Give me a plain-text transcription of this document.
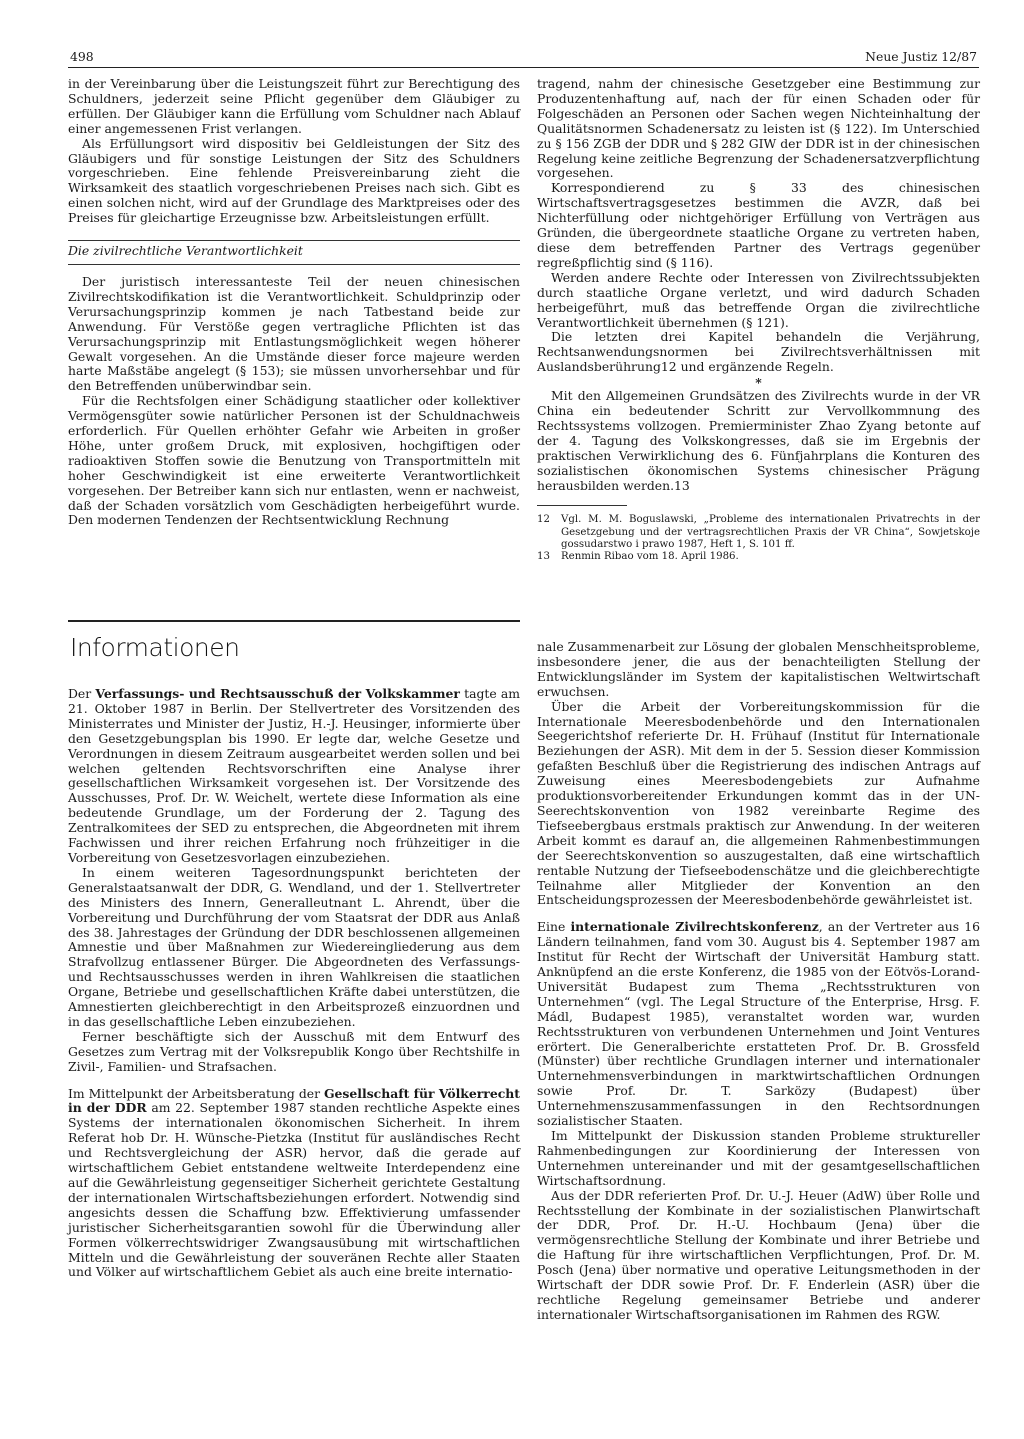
498	Neue Justiz 12/87

in der Vereinbarung über die Leistungszeit führt zur Berechtigung des Schuldners, jederzeit seine Pflicht gegenüber dem Gläubiger zu erfüllen. Der Gläubiger kann die Erfüllung vom Schuldner nach Ablauf einer angemessenen Frist verlangen.

Als Erfüllungsort wird dispositiv bei Geldleistungen der Sitz des Gläubigers und für sonstige Leistungen der Sitz des Schuldners vorgeschrieben. Eine fehlende Preisvereinbarung zieht die Wirksamkeit des staatlich vorgeschriebenen Preises nach sich. Gibt es einen solchen nicht, wird auf der Grundlage des Marktpreises oder des Preises für gleichartige Erzeugnisse bzw. Arbeitsleistungen erfüllt.

Die zivilrechtliche Verantwortlichkeit

Der juristisch interessanteste Teil der neuen chinesischen Zivilrechtskodifikation ist die Verantwortlichkeit. Schuldprinzip oder Verursachungsprinzip kommen je nach Tatbestand beide zur Anwendung. Für Verstöße gegen vertragliche Pflichten ist das Verursachungsprinzip mit Entlastungsmöglichkeit wegen höherer Gewalt vorgesehen. An die Umstände dieser force majeure werden harte Maßstäbe angelegt (§ 153); sie müssen unvorhersehbar und für den Betreffenden unüberwindbar sein.

Für die Rechtsfolgen einer Schädigung staatlicher oder kollektiver Vermögensgüter sowie natürlicher Personen ist der Schuldnachweis erforderlich. Für Quellen erhöhter Gefahr wie Arbeiten in großer Höhe, unter großem Druck, mit explosiven, hochgiftigen oder radioaktiven Stoffen sowie die Benutzung von Transportmitteln mit hoher Geschwindigkeit ist eine erweiterte Verantwortlichkeit vorgesehen. Der Betreiber kann sich nur entlasten, wenn er nachweist, daß der Schaden vorsätzlich vom Geschädigten herbeigeführt wurde. Den modernen Tendenzen der Rechtsentwicklung Rechnung

tragend, nahm der chinesische Gesetzgeber eine Bestimmung zur Produzentenhaftung auf, nach der für einen Schaden oder für Folgeschäden an Personen oder Sachen wegen Nichteinhaltung der Qualitätsnormen Schadenersatz zu leisten ist (§ 122). Im Unterschied zu § 156 ZGB der DDR und § 282 GIW der DDR ist in der chinesischen Regelung keine zeitliche Begrenzung der Schadenersatzverpflichtung vorgesehen.

Korrespondierend zu § 33 des chinesischen Wirtschaftsvertragsgesetzes bestimmen die AVZR, daß bei Nichterfüllung oder nichtgehöriger Erfüllung von Verträgen aus Gründen, die übergeordnete staatliche Organe zu vertreten haben, diese dem betreffenden Partner des Vertrags gegenüber regreßpflichtig sind (§ 116).

Werden andere Rechte oder Interessen von Zivilrechtssubjekten durch staatliche Organe verletzt, und wird dadurch Schaden herbeigeführt, muß das betreffende Organ die zivilrechtliche Verantwortlichkeit übernehmen (§ 121).

Die letzten drei Kapitel behandeln die Verjährung, Rechtsanwendungsnormen bei Zivilrechtsverhältnissen mit Auslandsberührung12 und ergänzende Regeln.

*

Mit den Allgemeinen Grundsätzen des Zivilrechts wurde in der VR China ein bedeutender Schritt zur Vervollkommnung des Rechtssystems vollzogen. Premierminister Zhao Zyang betonte auf der 4. Tagung des Volkskongresses, daß sie im Ergebnis der praktischen Verwirklichung des 6. Fünfjahrplans die Konturen des sozialistischen ökonomischen Systems chinesischer Prägung herausbilden werden.13

12	Vgl. M. M. Boguslawski, „Probleme des internationalen Privatrechts in der Gesetzgebung und der vertragsrechtlichen Praxis der VR China“, Sowjetskoje gossudarstwo i prawo 1987, Heft 1, S. 101 ff.
13	Renmin Ribao vom 18. April 1986.
Informationen

Der Verfassungs- und Rechtsausschuß der Volkskammer tagte am 21. Oktober 1987 in Berlin. Der Stellvertreter des Vorsitzenden des Ministerrates und Minister der Justiz, H.-J. Heusinger, informierte über den Gesetzgebungsplan bis 1990. Er legte dar, welche Gesetze und Verordnungen in diesem Zeitraum ausgearbeitet werden sollen und bei welchen geltenden Rechtsvorschriften eine Analyse ihrer gesellschaftlichen Wirksamkeit vorgesehen ist. Der Vorsitzende des Ausschusses, Prof. Dr. W. Weichelt, wertete diese Information als eine bedeutende Grundlage, um der Forderung der 2. Tagung des Zentralkomitees der SED zu entsprechen, die Abgeordneten mit ihrem Fachwissen und ihrer reichen Erfahrung noch frühzeitiger in die Vorbereitung von Gesetzesvorlagen einzubeziehen.

In einem weiteren Tagesordnungspunkt berichteten der Generalstaatsanwalt der DDR, G. Wendland, und der 1. Stellvertreter des Ministers des Innern, Generalleutnant L. Ahrendt, über die Vorbereitung und Durchführung der vom Staatsrat der DDR aus Anlaß des 38. Jahrestages der Gründung der DDR beschlossenen allgemeinen Amnestie und über Maßnahmen zur Wiedereingliederung aus dem Strafvollzug entlassener Bürger. Die Abgeordneten des Verfassungs- und Rechtsausschusses werden in ihren Wahlkreisen die staatlichen Organe, Betriebe und gesellschaftlichen Kräfte dabei unterstützen, die Amnestierten gleichberechtigt in den Arbeitsprozeß einzuordnen und in das gesellschaftliche Leben einzubeziehen.

Ferner beschäftigte sich der Ausschuß mit dem Entwurf des Gesetzes zum Vertrag mit der Volksrepublik Kongo über Rechtshilfe in Zivil-, Familien- und Strafsachen.

Im Mittelpunkt der Arbeitsberatung der Gesellschaft für Völkerrecht in der DDR am 22. September 1987 standen rechtliche Aspekte eines Systems der internationalen ökonomischen Sicherheit. In ihrem Referat hob Dr. H. Wünsche-Pietzka (Institut für ausländisches Recht und Rechtsvergleichung der ASR) hervor, daß die gerade auf wirtschaftlichem Gebiet entstandene weltweite Interdependenz eine auf die Gewährleistung gegenseitiger Sicherheit gerichtete Gestaltung der internationalen Wirtschaftsbeziehungen erfordert. Notwendig sind angesichts dessen die Schaffung bzw. Effektivierung umfassender juristischer Sicherheitsgarantien sowohl für die Überwindung aller Formen völkerrechtswidriger Zwangsausübung mit wirtschaftlichen Mitteln und die Gewährleistung der souveränen Rechte aller Staaten und Völker auf wirtschaftlichem Gebiet als auch eine breite internatio-

nale Zusammenarbeit zur Lösung der globalen Menschheitsprobleme, insbesondere jener, die aus der benachteiligten Stellung der Entwicklungsländer im System der kapitalistischen Weltwirtschaft erwuchsen.

Über die Arbeit der Vorbereitungskommission für die Internationale Meeresbodenbehörde und den Internationalen Seegerichtshof referierte Dr. H. Frühauf (Institut für Internationale Beziehungen der ASR). Mit dem in der 5. Session dieser Kommission gefaßten Beschluß über die Registrierung des indischen Antrags auf Zuweisung eines Meeresbodengebiets zur Aufnahme produktionsvorbereitender Erkundungen kommt das in der UN-Seerechtskonvention von 1982 vereinbarte Regime des Tiefseebergbaus erstmals praktisch zur Anwendung. In der weiteren Arbeit kommt es darauf an, die allgemeinen Rahmenbestimmungen der Seerechtskonvention so auszugestalten, daß eine wirtschaftlich rentable Nutzung der Tiefseebodenschätze und die gleichberechtigte Teilnahme aller Mitglieder der Konvention an den Entscheidungsprozessen der Meeresbodenbehörde gewährleistet ist.

Eine internationale Zivilrechtskonferenz, an der Vertreter aus 16 Ländern teilnahmen, fand vom 30. August bis 4. September 1987 am Institut für Recht der Wirtschaft der Universität Hamburg statt. Anknüpfend an die erste Konferenz, die 1985 von der Eötvös-Lorand-Universität Budapest zum Thema „Rechtsstrukturen von Unternehmen“ (vgl. The Legal Structure of the Enterprise, Hrsg. F. Mádl, Budapest 1985), veranstaltet worden war, wurden Rechtsstrukturen von verbundenen Unternehmen und Joint Ventures erörtert. Die Generalberichte erstatteten Prof. Dr. B. Grossfeld (Münster) über rechtliche Grundlagen interner und internationaler Unternehmensverbindungen in marktwirtschaftlichen Ordnungen sowie Prof. Dr. T. Sarközy (Budapest) über Unternehmenszusammenfassungen in den Rechtsordnungen sozialistischer Staaten.

Im Mittelpunkt der Diskussion standen Probleme struktureller Rahmenbedingungen zur Koordinierung der Interessen von Unternehmen untereinander und mit der gesamtgesellschaftlichen Wirtschaftsordnung.

Aus der DDR referierten Prof. Dr. U.-J. Heuer (AdW) über Rolle und Rechtsstellung der Kombinate in der sozialistischen Planwirtschaft der DDR, Prof. Dr. H.-U. Hochbaum (Jena) über die vermögensrechtliche Stellung der Kombinate und ihrer Betriebe und die Haftung für ihre wirtschaftlichen Verpflichtungen, Prof. Dr. M. Posch (Jena) über normative und operative Leitungsmethoden in der Wirtschaft der DDR sowie Prof. Dr. F. Enderlein (ASR) über die rechtliche Regelung gemeinsamer Betriebe und anderer internationaler Wirtschaftsorganisationen im Rahmen des RGW.
